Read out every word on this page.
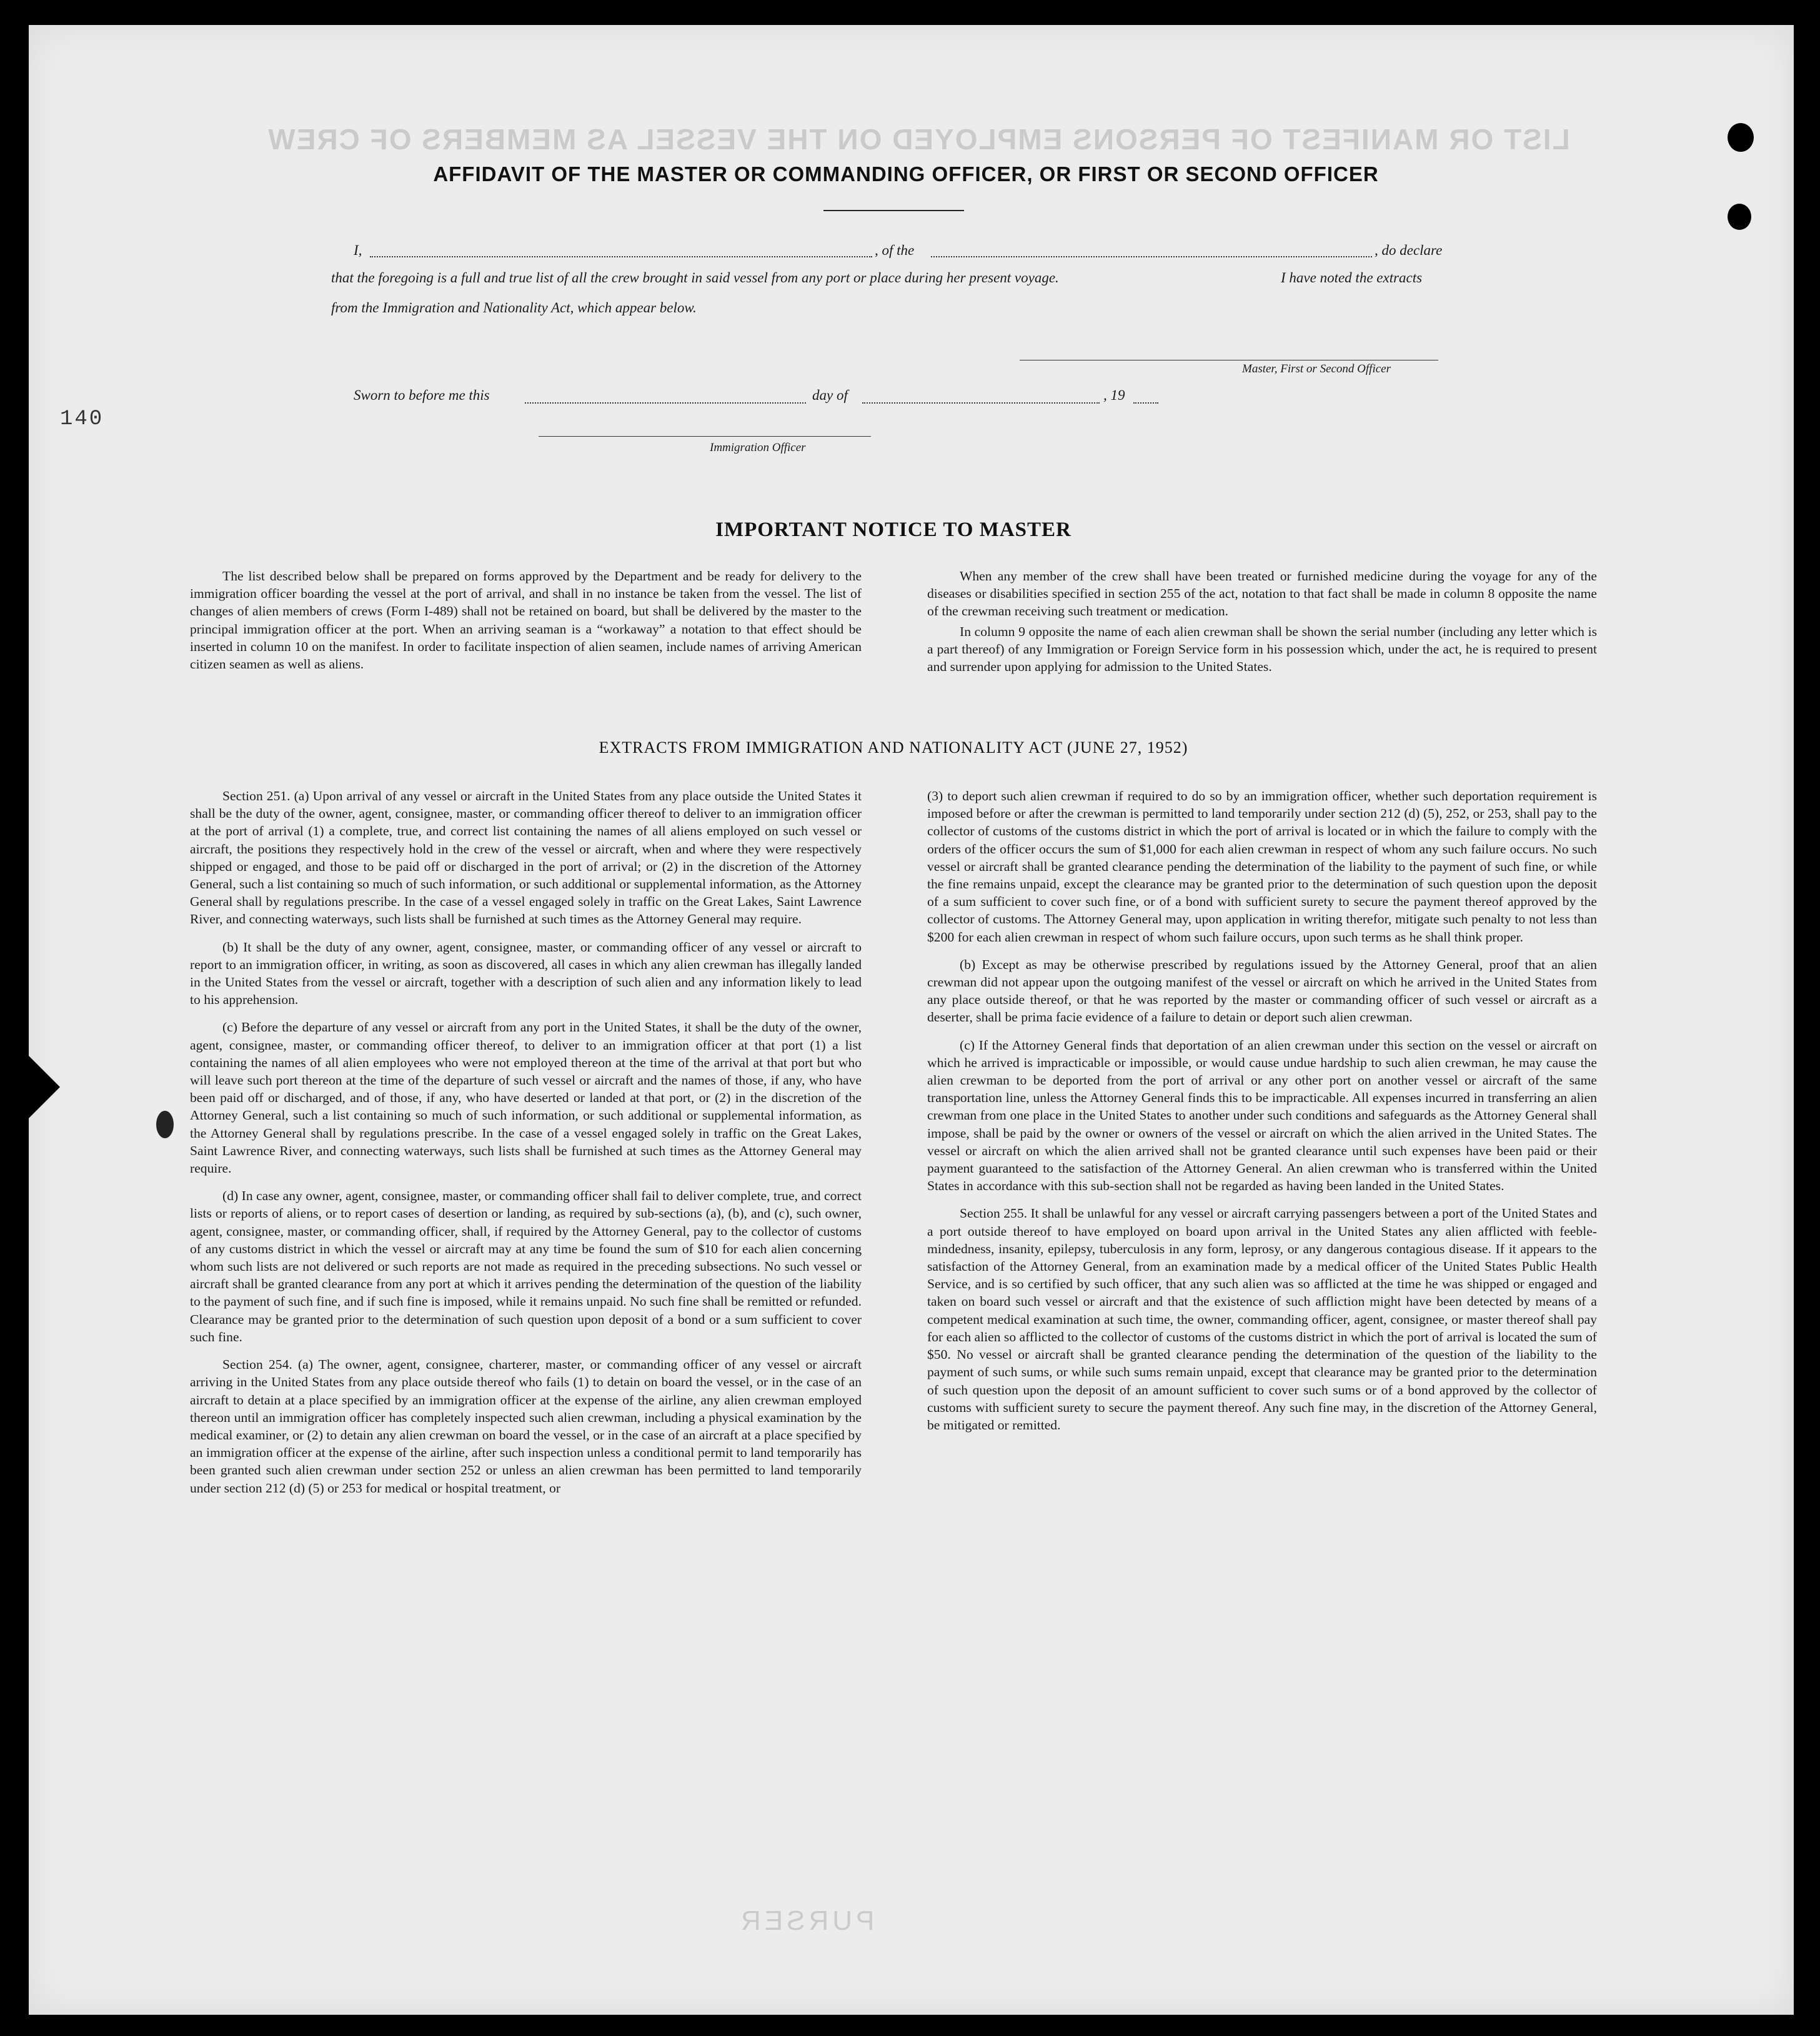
LIST OR MANIFEST OF PERSONS EMPLOYED ON THE VESSEL AS MEMBERS OF CREW
PURSER
140
AFFIDAVIT OF THE MASTER OR COMMANDING OFFICER, OR FIRST OR SECOND OFFICER
I,	, of the	, do declare
that the foregoing is a full and true list of all the crew brought in said vessel from any port or place during her present voyage.	I have noted the extracts
from the Immigration and Nationality Act, which appear below.
Master, First or Second Officer
Sworn to before me this	day of	, 19
Immigration Officer
IMPORTANT NOTICE TO MASTER

The list described below shall be prepared on forms approved by the Department and be ready for delivery to the immigration officer boarding the vessel at the port of arrival, and shall in no instance be taken from the vessel. The list of changes of alien members of crews (Form I-489) shall not be retained on board, but shall be delivered by the master to the principal immigration officer at the port. When an arriving seaman is a “workaway” a notation to that effect should be inserted in column 10 on the manifest. In order to facilitate inspection of alien seamen, include names of arriving American citizen seamen as well as aliens.

When any member of the crew shall have been treated or furnished medicine during the voyage for any of the diseases or disabilities specified in section 255 of the act, notation to that fact shall be made in column 8 opposite the name of the crewman receiving such treatment or medication.

In column 9 opposite the name of each alien crewman shall be shown the serial number (including any letter which is a part thereof) of any Immigration or Foreign Service form in his possession which, under the act, he is required to present and surrender upon applying for admission to the United States.

EXTRACTS FROM IMMIGRATION AND NATIONALITY ACT (JUNE 27, 1952)

Section 251. (a) Upon arrival of any vessel or aircraft in the United States from any place outside the United States it shall be the duty of the owner, agent, consignee, master, or commanding officer thereof to deliver to an immigration officer at the port of arrival (1) a complete, true, and correct list containing the names of all aliens employed on such vessel or aircraft, the positions they respectively hold in the crew of the vessel or aircraft, when and where they were respectively shipped or engaged, and those to be paid off or discharged in the port of arrival; or (2) in the discretion of the Attorney General, such a list containing so much of such information, or such additional or supplemental information, as the Attorney General shall by regulations prescribe. In the case of a vessel engaged solely in traffic on the Great Lakes, Saint Lawrence River, and connecting waterways, such lists shall be furnished at such times as the Attorney General may require.

(b) It shall be the duty of any owner, agent, consignee, master, or commanding officer of any vessel or aircraft to report to an immigration officer, in writing, as soon as discovered, all cases in which any alien crewman has illegally landed in the United States from the vessel or aircraft, together with a description of such alien and any information likely to lead to his apprehension.

(c) Before the departure of any vessel or aircraft from any port in the United States, it shall be the duty of the owner, agent, consignee, master, or commanding officer thereof, to deliver to an immigration officer at that port (1) a list containing the names of all alien employees who were not employed thereon at the time of the arrival at that port but who will leave such port thereon at the time of the departure of such vessel or aircraft and the names of those, if any, who have been paid off or discharged, and of those, if any, who have deserted or landed at that port, or (2) in the discretion of the Attorney General, such a list containing so much of such information, or such additional or supplemental information, as the Attorney General shall by regulations prescribe. In the case of a vessel engaged solely in traffic on the Great Lakes, Saint Lawrence River, and connecting waterways, such lists shall be furnished at such times as the Attorney General may require.

(d) In case any owner, agent, consignee, master, or commanding officer shall fail to deliver complete, true, and correct lists or reports of aliens, or to report cases of desertion or landing, as required by sub-sections (a), (b), and (c), such owner, agent, consignee, master, or commanding officer, shall, if required by the Attorney General, pay to the collector of customs of any customs district in which the vessel or aircraft may at any time be found the sum of $10 for each alien concerning whom such lists are not delivered or such reports are not made as required in the preceding subsections. No such vessel or aircraft shall be granted clearance from any port at which it arrives pending the determination of the question of the liability to the payment of such fine, and if such fine is imposed, while it remains unpaid. No such fine shall be remitted or refunded. Clearance may be granted prior to the determination of such question upon deposit of a bond or a sum sufficient to cover such fine.

Section 254. (a) The owner, agent, consignee, charterer, master, or commanding officer of any vessel or aircraft arriving in the United States from any place outside thereof who fails (1) to detain on board the vessel, or in the case of an aircraft to detain at a place specified by an immigration officer at the expense of the airline, any alien crewman employed thereon until an immigration officer has completely inspected such alien crewman, including a physical examination by the medical examiner, or (2) to detain any alien crewman on board the vessel, or in the case of an aircraft at a place specified by an immigration officer at the expense of the airline, after such inspection unless a conditional permit to land temporarily has been granted such alien crewman under section 252 or unless an alien crewman has been permitted to land temporarily under section 212 (d) (5) or 253 for medical or hospital treatment, or

(3) to deport such alien crewman if required to do so by an immigration officer, whether such deportation requirement is imposed before or after the crewman is permitted to land temporarily under section 212 (d) (5), 252, or 253, shall pay to the collector of customs of the customs district in which the port of arrival is located or in which the failure to comply with the orders of the officer occurs the sum of $1,000 for each alien crewman in respect of whom any such failure occurs. No such vessel or aircraft shall be granted clearance pending the determination of the liability to the payment of such fine, or while the fine remains unpaid, except the clearance may be granted prior to the determination of such question upon the deposit of a sum sufficient to cover such fine, or of a bond with sufficient surety to secure the payment thereof approved by the collector of customs. The Attorney General may, upon application in writing therefor, mitigate such penalty to not less than $200 for each alien crewman in respect of whom such failure occurs, upon such terms as he shall think proper.

(b) Except as may be otherwise prescribed by regulations issued by the Attorney General, proof that an alien crewman did not appear upon the outgoing manifest of the vessel or aircraft on which he arrived in the United States from any place outside thereof, or that he was reported by the master or commanding officer of such vessel or aircraft as a deserter, shall be prima facie evidence of a failure to detain or deport such alien crewman.

(c) If the Attorney General finds that deportation of an alien crewman under this section on the vessel or aircraft on which he arrived is impracticable or impossible, or would cause undue hardship to such alien crewman, he may cause the alien crewman to be deported from the port of arrival or any other port on another vessel or aircraft of the same transportation line, unless the Attorney General finds this to be impracticable. All expenses incurred in transferring an alien crewman from one place in the United States to another under such conditions and safeguards as the Attorney General shall impose, shall be paid by the owner or owners of the vessel or aircraft on which the alien arrived in the United States. The vessel or aircraft on which the alien arrived shall not be granted clearance until such expenses have been paid or their payment guaranteed to the satisfaction of the Attorney General. An alien crewman who is transferred within the United States in accordance with this sub-section shall not be regarded as having been landed in the United States.

Section 255. It shall be unlawful for any vessel or aircraft carrying passengers between a port of the United States and a port outside thereof to have employed on board upon arrival in the United States any alien afflicted with feeble-mindedness, insanity, epilepsy, tuberculosis in any form, leprosy, or any dangerous contagious disease. If it appears to the satisfaction of the Attorney General, from an examination made by a medical officer of the United States Public Health Service, and is so certified by such officer, that any such alien was so afflicted at the time he was shipped or engaged and taken on board such vessel or aircraft and that the existence of such affliction might have been detected by means of a competent medical examination at such time, the owner, commanding officer, agent, consignee, or master thereof shall pay for each alien so afflicted to the collector of customs of the customs district in which the port of arrival is located the sum of $50. No vessel or aircraft shall be granted clearance pending the determination of the question of the liability to the payment of such sums, or while such sums remain unpaid, except that clearance may be granted prior to the determination of such question upon the deposit of an amount sufficient to cover such sums or of a bond approved by the collector of customs with sufficient surety to secure the payment thereof. Any such fine may, in the discretion of the Attorney General, be mitigated or remitted.
